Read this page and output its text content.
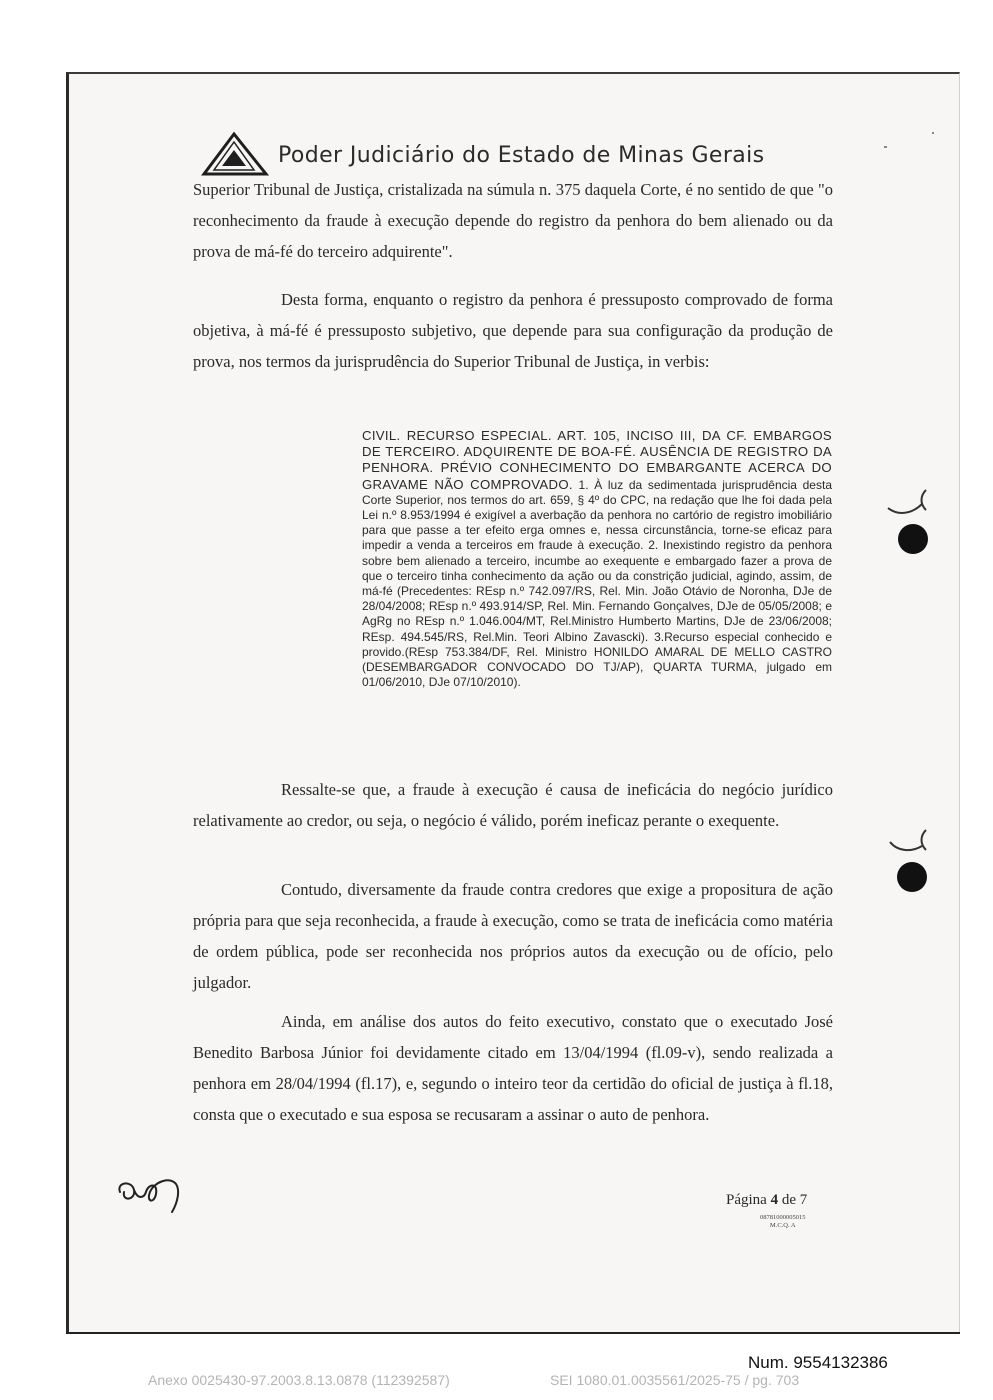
Poder Judiciário do Estado de Minas Gerais

Superior Tribunal de Justiça, cristalizada na súmula n. 375 daquela Corte, é no sentido de que "o reconhecimento da fraude à execução depende do registro da penhora do bem alienado ou da prova de má-fé do terceiro adquirente".

Desta forma, enquanto o registro da penhora é pressuposto comprovado de forma objetiva, à má-fé é pressuposto subjetivo, que depende para sua configuração da produção de prova, nos termos da jurisprudência do Superior Tribunal de Justiça, in verbis:

CIVIL. RECURSO ESPECIAL. ART. 105, INCISO III, DA CF. EMBARGOS DE TERCEIRO. ADQUIRENTE DE BOA-FÉ. AUSÊNCIA DE REGISTRO DA PENHORA. PRÉVIO CONHECIMENTO DO EMBARGANTE ACERCA DO GRAVAME NÃO COMPROVADO. 1. À luz da sedimentada jurisprudência desta Corte Superior, nos termos do art. 659, § 4º do CPC, na redação que lhe foi dada pela Lei n.º 8.953/1994 é exigível a averbação da penhora no cartório de registro imobiliário para que passe a ter efeito erga omnes e, nessa circunstância, torne-se eficaz para impedir a venda a terceiros em fraude à execução. 2. Inexistindo registro da penhora sobre bem alienado a terceiro, incumbe ao exequente e embargado fazer a prova de que o terceiro tinha conhecimento da ação ou da constrição judicial, agindo, assim, de má-fé (Precedentes: REsp n.º 742.097/RS, Rel. Min. João Otávio de Noronha, DJe de 28/04/2008; REsp n.º 493.914/SP, Rel. Min. Fernando Gonçalves, DJe de 05/05/2008; e AgRg no REsp n.º 1.046.004/MT, Rel.Ministro Humberto Martins, DJe de 23/06/2008; REsp. 494.545/RS, Rel.Min. Teori Albino Zavascki). 3.Recurso especial conhecido e provido.(REsp 753.384/DF, Rel. Ministro HONILDO AMARAL DE MELLO CASTRO (DESEMBARGADOR CONVOCADO DO TJ/AP), QUARTA TURMA, julgado em 01/06/2010, DJe 07/10/2010).

Ressalte-se que, a fraude à execução é causa de ineficácia do negócio jurídico relativamente ao credor, ou seja, o negócio é válido, porém ineficaz perante o exequente.

Contudo, diversamente da fraude contra credores que exige a propositura de ação própria para que seja reconhecida, a fraude à execução, como se trata de ineficácia como matéria de ordem pública, pode ser reconhecida nos próprios autos da execução ou de ofício, pelo julgador.

Ainda, em análise dos autos do feito executivo, constato que o executado José Benedito Barbosa Júnior foi devidamente citado em 13/04/1994 (fl.09-v), sendo realizada a penhora em 28/04/1994 (fl.17), e, segundo o inteiro teor da certidão do oficial de justiça à fl.18, consta que o executado e sua esposa se recusaram a assinar o auto de penhora.

Página 4 de 7
08781000005015
M.C.Q. A
Num. 9554132386
Anexo 0025430-97.2003.8.13.0878 (112392587)	SEI 1080.01.0035561/2025-75 / pg. 703
